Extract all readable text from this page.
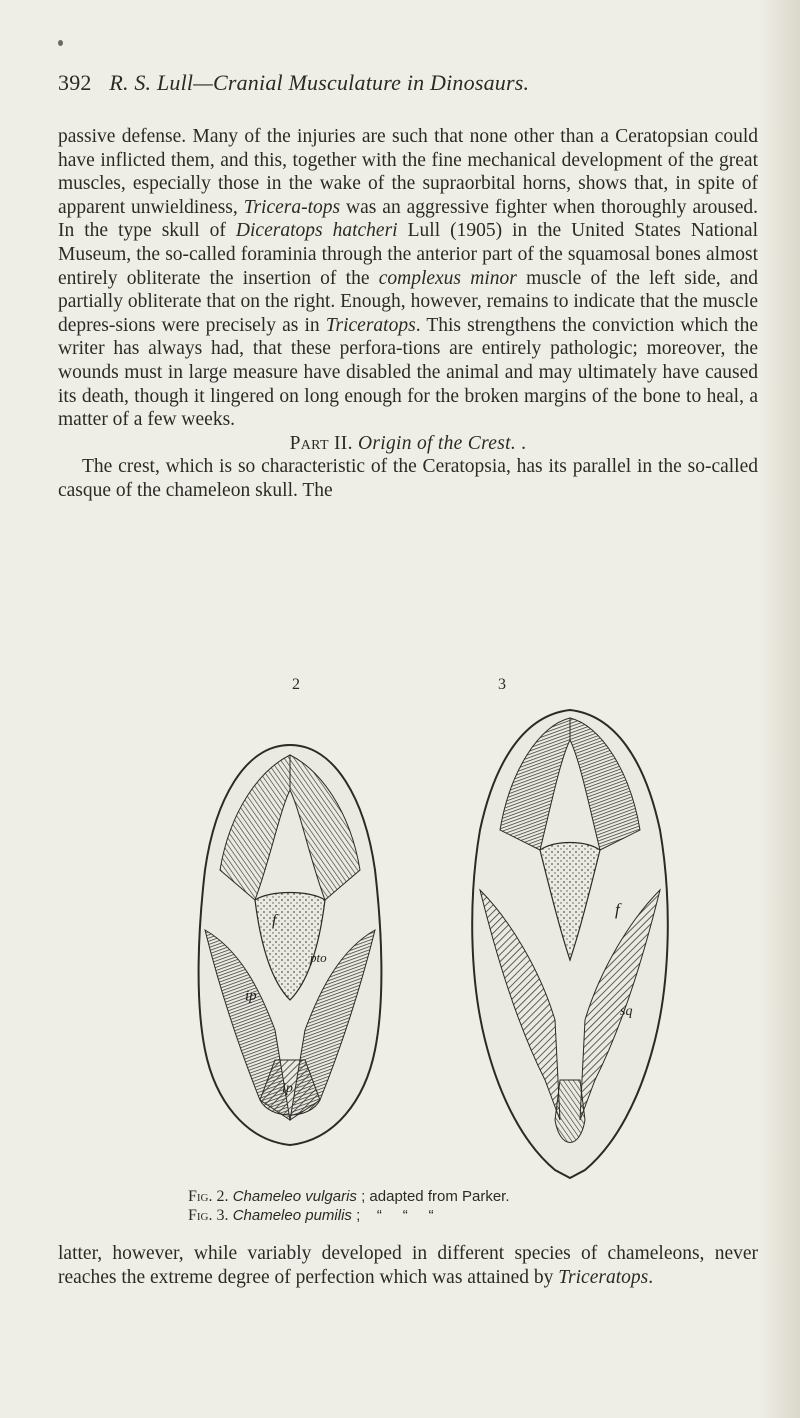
392 R. S. Lull—Cranial Musculature in Dinosaurs.

passive defense. Many of the injuries are such that none other than a Ceratopsian could have inflicted them, and this, together with the fine mechanical development of the great muscles, especially those in the wake of the supraorbital horns, shows that, in spite of apparent unwieldiness, Tricera-tops was an aggressive fighter when thoroughly aroused. In the type skull of Diceratops hatcheri Lull (1905) in the United States National Museum, the so-called foraminia through the anterior part of the squamosal bones almost entirely obliterate the insertion of the complexus minor muscle of the left side, and partially obliterate that on the right. Enough, however, remains to indicate that the muscle depres-sions were precisely as in Triceratops. This strengthens the conviction which the writer has always had, that these perfora-tions are entirely pathologic; moreover, the wounds must in large measure have disabled the animal and may ultimately have caused its death, though it lingered on long enough for the broken margins of the bone to heal, a matter of a few weeks.

Part II. Origin of the Crest. .

The crest, which is so characteristic of the Ceratopsia, has its parallel in the so-called casque of the chameleon skull. The

2	3
f
pto
ip
ip
f
sq
Fig. 2. Chameleo vulgaris ; adapted from Parker.
Fig. 3. Chameleo pumilis ;    “     “     “

latter, however, while variably developed in different species of chameleons, never reaches the extreme degree of perfection which was attained by Triceratops.
